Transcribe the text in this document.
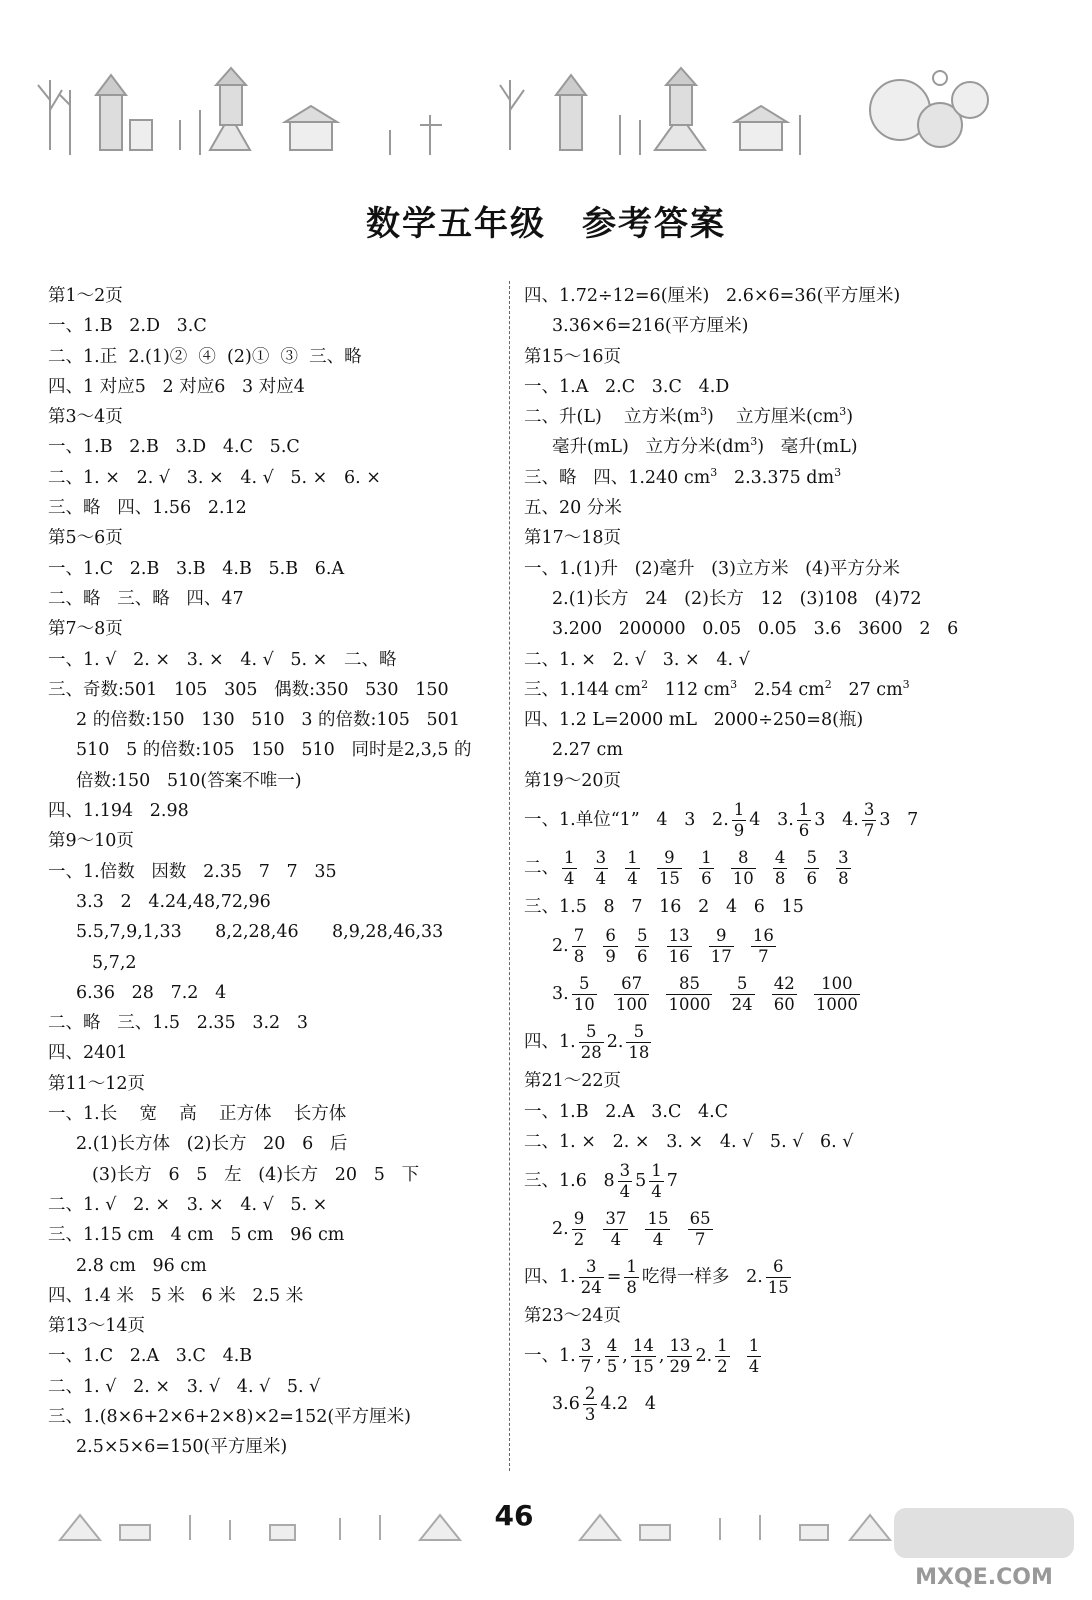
数学五年级 参考答案
第1～2页
一、1.B   2.D   3.C
二、1.正  2.(1)②  ④  (2)①  ③  三、略
四、1 对应5   2 对应6   3 对应4
第3～4页
一、1.B   2.B   3.D   4.C   5.C
二、1. ×   2. √   3. ×   4. √   5. ×   6. ×
三、略   四、1.56   2.12
第5～6页
一、1.C   2.B   3.B   4.B   5.B   6.A
二、略   三、略   四、47
第7～8页
一、1. √   2. ×   3. ×   4. √   5. ×   二、略
三、奇数:501   105   305   偶数:350   530   150
2 的倍数:150   130   510   3 的倍数:105   501
510   5 的倍数:105   150   510   同时是2,3,5 的
倍数:150   510(答案不唯一)
四、1.194   2.98
第9～10页
一、1.倍数   因数   2.35   7   7   35
3.3   2   4.24,48,72,96
5.5,7,9,1,33      8,2,28,46      8,9,28,46,33
5,7,2
6.36   28   7.2   4
二、略   三、1.5   2.35   3.2   3
四、2401
第11～12页
一、1.长    宽    高    正方体    长方体
2.(1)长方体   (2)长方   20   6   后
(3)长方   6   5   左   (4)长方   20   5   下
二、1. √   2. ×   3. ×   4. √   5. ×
三、1.15 cm   4 cm   5 cm   96 cm
2.8 cm   96 cm
四、1.4 米   5 米   6 米   2.5 米
第13～14页
一、1.C   2.A   3.C   4.B
二、1. √   2. ×   3. √   4. √   5. √
三、1.(8×6+2×6+2×8)×2=152(平方厘米)
2.5×5×6=150(平方厘米)
四、1.72÷12=6(厘米)   2.6×6=36(平方厘米)
3.36×6=216(平方厘米)
第15～16页
一、1.A   2.C   3.C   4.D
二、升(L)    立方米$(m^3)$    立方厘米$(cm^3)$
毫升(mL)   立方分米$(dm^3)$   毫升(mL)
三、略   四、1.240 $cm^3$   2.3.375 $dm^3$
五、20 分米
第17～18页
一、1.(1)升   (2)毫升   (3)立方米   (4)平方分米
2.(1)长方   24   (2)长方   12   (3)108   (4)72
3.200   200000   0.05   0.05   3.6   3600   2   6
二、1. ×   2. √   3. ×   4. √
三、1.144 $cm^2$   112 $cm^3$   2.54 $cm^2$   27 $cm^3$
四、1.2 L=2000 mL   2000÷250=8(瓶)
2.27 cm
第19～20页
一、1.单位“1”   4   3   2. $\frac{1}{9} 4$   3. $\frac{1}{6} 3$   4. $\frac{3}{7} 3$   7
二、 $\frac{1}{4}$
$\frac{3}{4}$
$\frac{1}{4}$
$\frac{9}{15}$
$\frac{1}{6}$
$\frac{8}{10}$
$\frac{4}{8}$
$\frac{5}{6}$
$\frac{3}{8}$
三、1.5   8   7   16   2   4   6   15
2. $\frac{7}{8}$
$\frac{6}{9}$
$\frac{5}{6}$
$\frac{13}{16}$
$\frac{9}{17}$
$\frac{16}{7}$
3. $\frac{5}{10}$
$\frac{67}{100}$
$\frac{85}{1000}$
$\frac{5}{24}$
$\frac{42}{60}$
$\frac{100}{1000}$
四、1. $\frac{5}{28} 2$. $\frac{5}{18}$
第21～22页
一、1.B   2.A   3.C   4.C
二、1. ×   2. ×   3. ×   4. √   5. √   6. √
三、1.6   $8 \frac{3}{4} 5 \frac{1}{4} 7$
2. $\frac{9}{2}$
$\frac{37}{4}$
$\frac{15}{4}$
$\frac{65}{7}$
四、1. $\frac{3}{24} = \frac{1}{8}$ 吃得一样多   2. $\frac{6}{15}$
第23～24页
一、1. $\frac{3}{7}$ , $\frac{4}{5}$ , $\frac{14}{15}$ , $\frac{13}{29} 2$. $\frac{1}{2}$
$\frac{1}{4}$
$3.6 \frac{2}{3} 4.2$   4
46
MXQE.COM
